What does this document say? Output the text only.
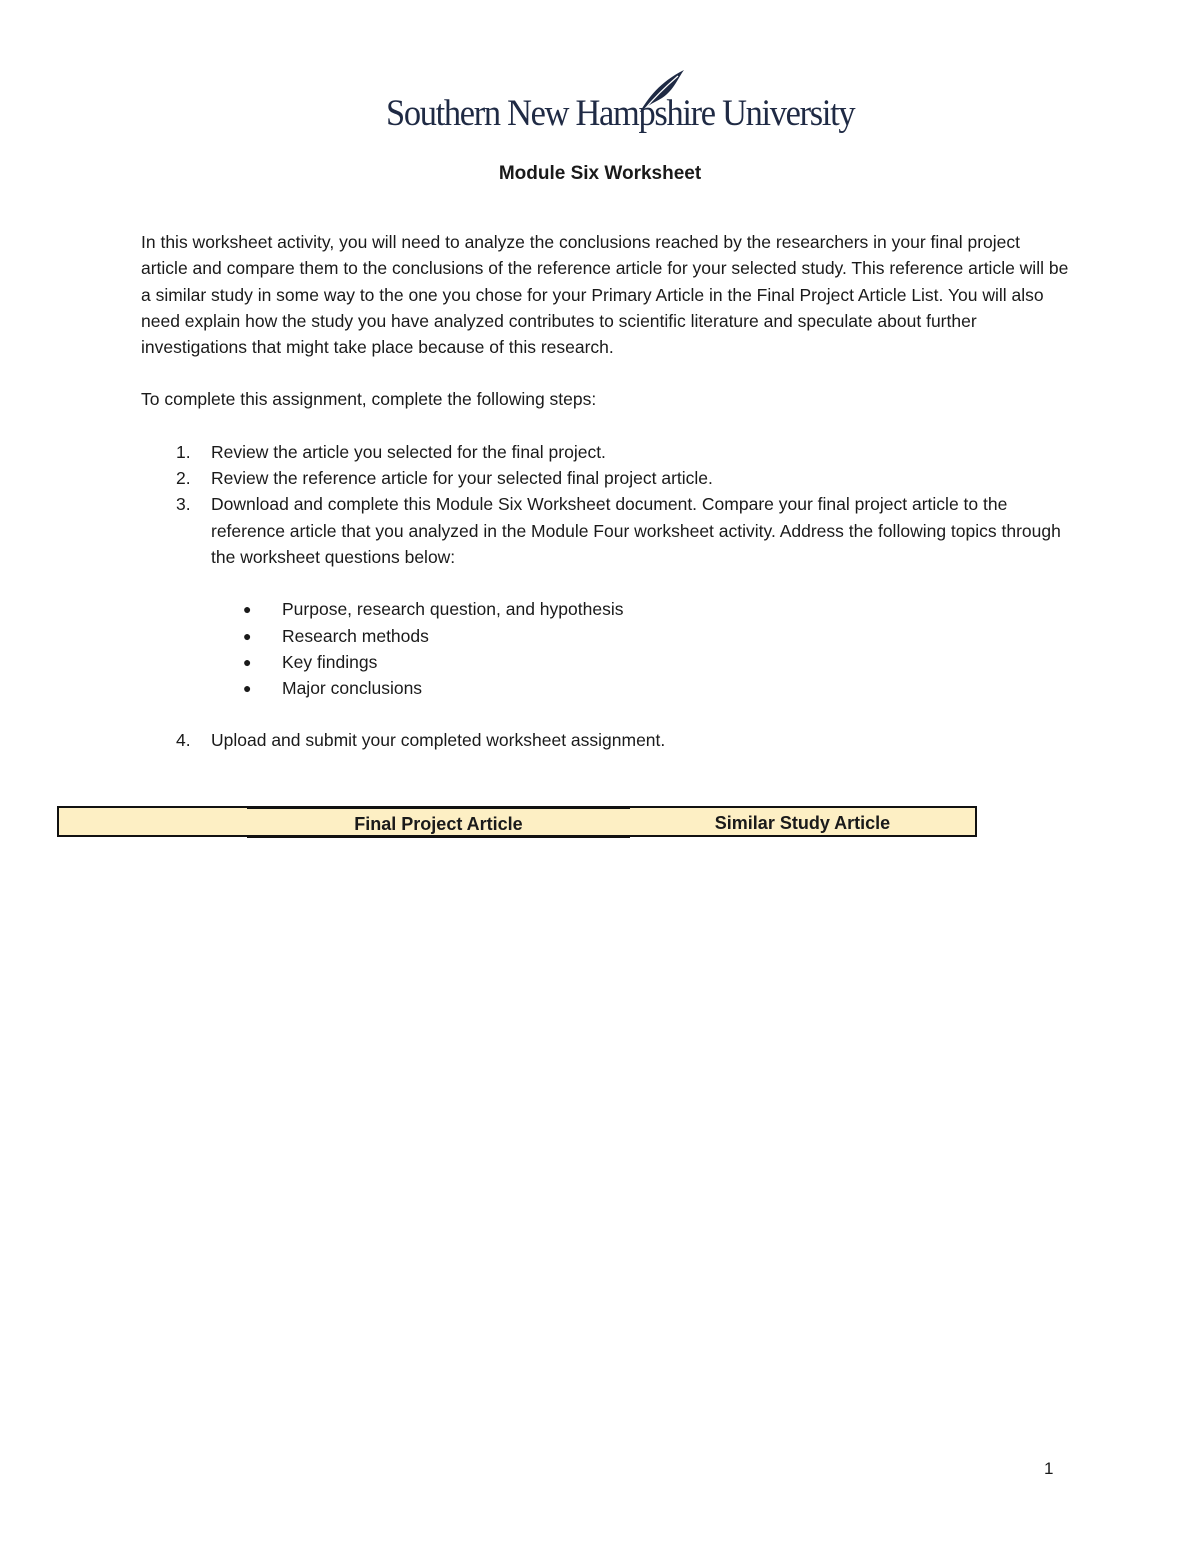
Southern New Hampshire University
Module Six Worksheet

In this worksheet activity, you will need to analyze the conclusions reached by the researchers in your final project article and compare them to the conclusions of the reference article for your selected study. This reference article will be a similar study in some way to the one you chose for your Primary Article in the Final Project Article List. You will also need explain how the study you have analyzed contributes to scientific literature and speculate about further investigations that might take place because of this research.

To complete this assignment, complete the following steps:

1. Review the article you selected for the final project.
2. Review the reference article for your selected final project article.
3. Download and complete this Module Six Worksheet document. Compare your final project article to the reference article that you analyzed in the Module Four worksheet activity. Address the following topics through the worksheet questions below:
● Purpose, research question, and hypothesis
● Research methods
● Key findings
● Major conclusions
4. Upload and submit your completed worksheet assignment.
Final Project Article	Similar Study Article
1
